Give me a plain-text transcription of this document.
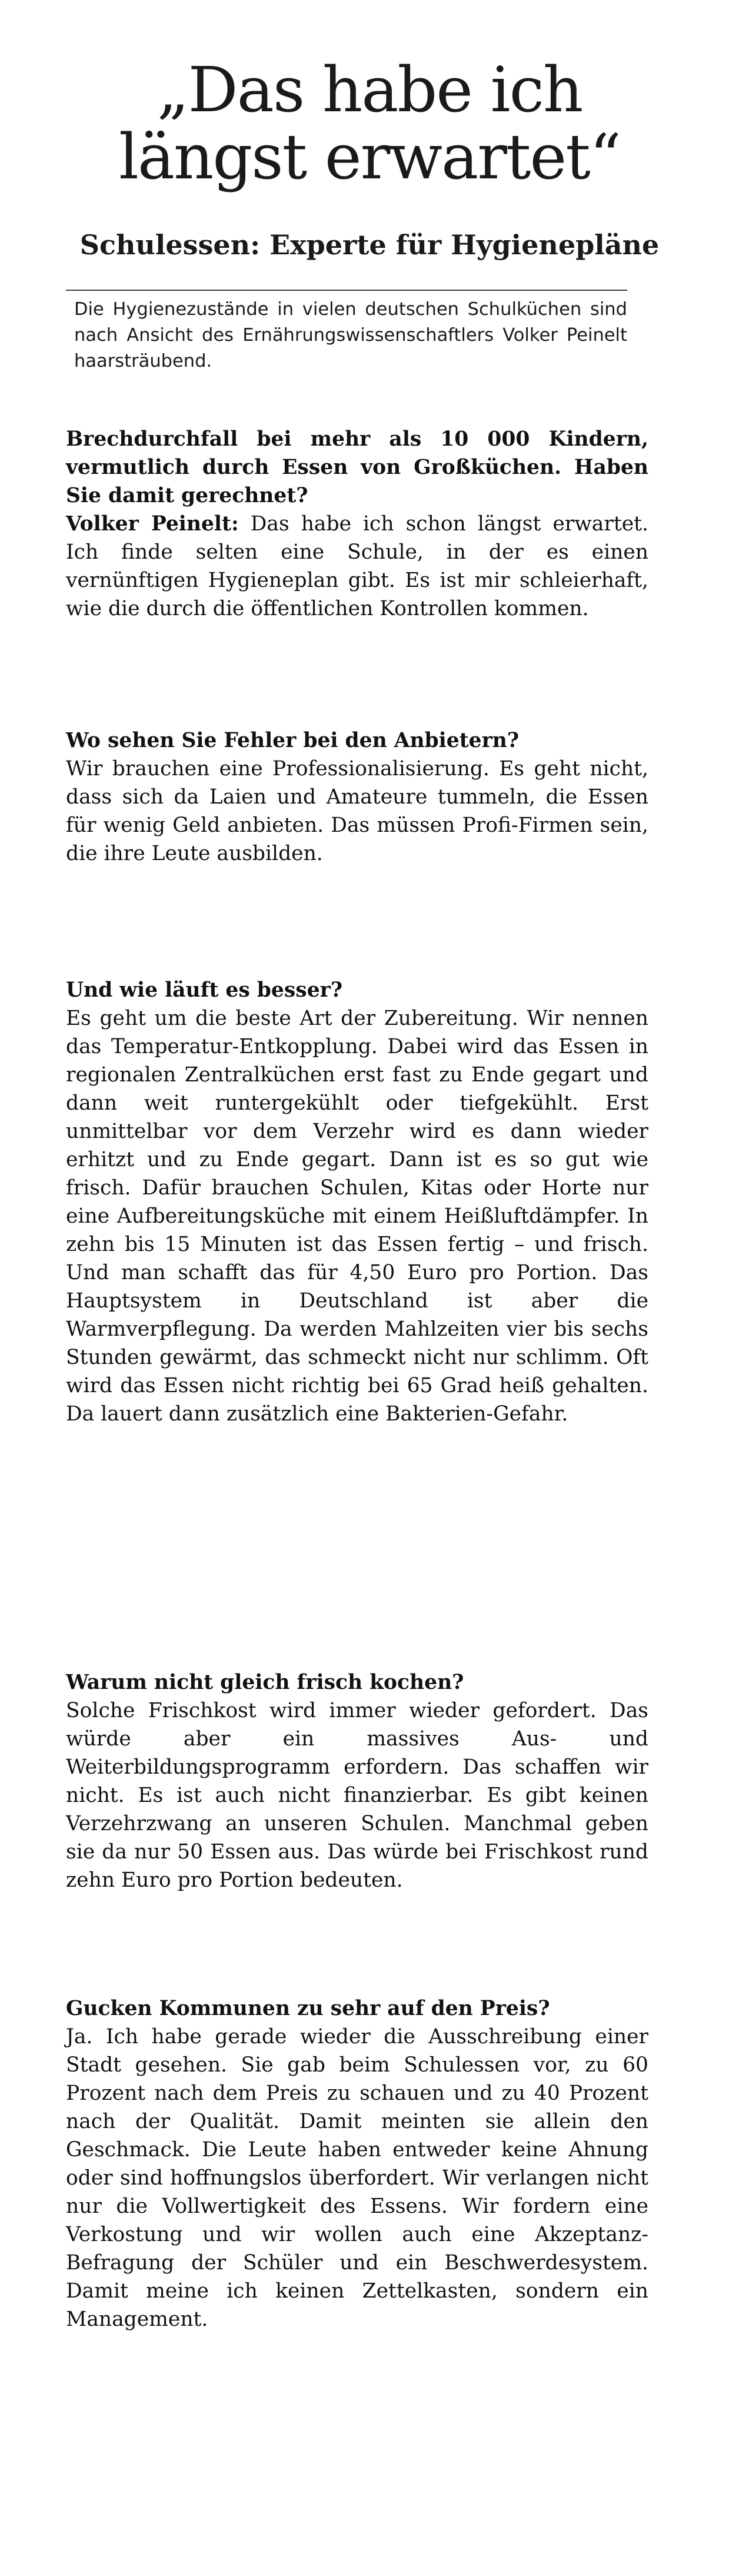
„Das habe ich
längst erwartet“
Schulessen: Experte für Hygienepläne

Die Hygienezustände in vielen deutschen Schulküchen sind nach Ansicht des Ernährungswissenschaftlers Volker Peinelt haarsträubend.

Brechdurchfall bei mehr als 10 000 Kindern, vermutlich durch Essen von Großküchen. Haben Sie damit gerechnet?
Volker Peinelt: Das habe ich schon längst erwartet. Ich finde selten eine Schule, in der es einen vernünftigen Hygieneplan gibt. Es ist mir schleierhaft, wie die durch die öffentlichen Kontrollen kommen.
Wo sehen Sie Fehler bei den Anbietern?
Wir brauchen eine Professionalisierung. Es geht nicht, dass sich da Laien und Amateure tummeln, die Essen für wenig Geld anbieten. Das müssen Profi-Firmen sein, die ihre Leute ausbilden.
Und wie läuft es besser?
Es geht um die beste Art der Zubereitung. Wir nennen das Temperatur-Entkopplung. Dabei wird das Essen in regionalen Zentralküchen erst fast zu Ende gegart und dann weit runtergekühlt oder tiefgekühlt. Erst unmittelbar vor dem Verzehr wird es dann wieder erhitzt und zu Ende gegart. Dann ist es so gut wie frisch. Dafür brauchen Schulen, Kitas oder Horte nur eine Aufbereitungsküche mit einem Heißluftdämpfer. In zehn bis 15 Minuten ist das Essen fertig – und frisch. Und man schafft das für 4,50 Euro pro Portion. Das Hauptsystem in Deutschland ist aber die Warmverpflegung. Da werden Mahlzeiten vier bis sechs Stunden gewärmt, das schmeckt nicht nur schlimm. Oft wird das Essen nicht richtig bei 65 Grad heiß gehalten. Da lauert dann zusätzlich eine Bakterien-Gefahr.
Warum nicht gleich frisch kochen?
Solche Frischkost wird immer wieder gefordert. Das würde aber ein massives Aus- und Weiterbildungsprogramm erfordern. Das schaffen wir nicht. Es ist auch nicht finanzierbar. Es gibt keinen Verzehrzwang an unseren Schulen. Manchmal geben sie da nur 50 Essen aus. Das würde bei Frischkost rund zehn Euro pro Portion bedeuten.
Gucken Kommunen zu sehr auf den Preis?
Ja. Ich habe gerade wieder die Ausschreibung einer Stadt gesehen. Sie gab beim Schulessen vor, zu 60 Prozent nach dem Preis zu schauen und zu 40 Prozent nach der Qualität. Damit meinten sie allein den Geschmack. Die Leute haben entweder keine Ahnung oder sind hoffnungslos überfordert. Wir verlangen nicht nur die Vollwertigkeit des Essens. Wir fordern eine Verkostung und wir wollen auch eine Akzeptanz-Befragung der Schüler und ein Beschwerdesystem. Damit meine ich keinen Zettelkasten, sondern ein Management.
